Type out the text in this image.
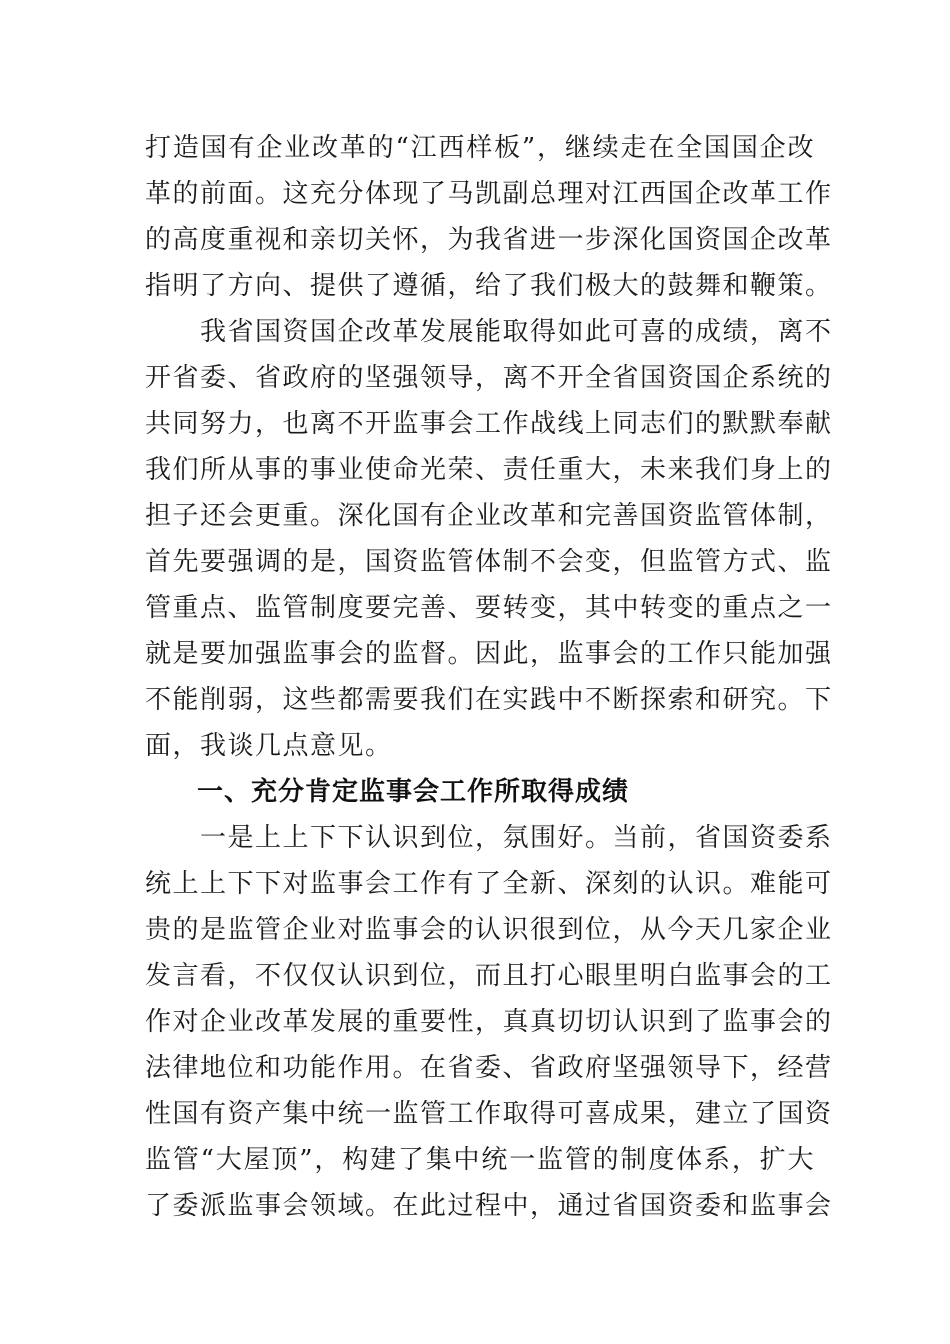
打造国有企业改革的“江西样板”，继续走在全国国企改
革的前面。这充分体现了马凯副总理对江西国企改革工作
的高度重视和亲切关怀，为我省进一步深化国资国企改革
指明了方向、提供了遵循，给了我们极大的鼓舞和鞭策。
　　我省国资国企改革发展能取得如此可喜的成绩，离不
开省委、省政府的坚强领导，离不开全省国资国企系统的
共同努力，也离不开监事会工作战线上同志们的默默奉献
我们所从事的事业使命光荣、责任重大，未来我们身上的
担子还会更重。深化国有企业改革和完善国资监管体制，
首先要强调的是，国资监管体制不会变，但监管方式、监
管重点、监管制度要完善、要转变，其中转变的重点之一
就是要加强监事会的监督。因此，监事会的工作只能加强
不能削弱，这些都需要我们在实践中不断探索和研究。下
面，我谈几点意见。
一、充分肯定监事会工作所取得成绩
　　一是上上下下认识到位，氛围好。当前，省国资委系
统上上下下对监事会工作有了全新、深刻的认识。难能可
贵的是监管企业对监事会的认识很到位，从今天几家企业
发言看，不仅仅认识到位，而且打心眼里明白监事会的工
作对企业改革发展的重要性，真真切切认识到了监事会的
法律地位和功能作用。在省委、省政府坚强领导下，经营
性国有资产集中统一监管工作取得可喜成果，建立了国资
监管“大屋顶”，构建了集中统一监管的制度体系，扩大
了委派监事会领域。在此过程中，通过省国资委和监事会
